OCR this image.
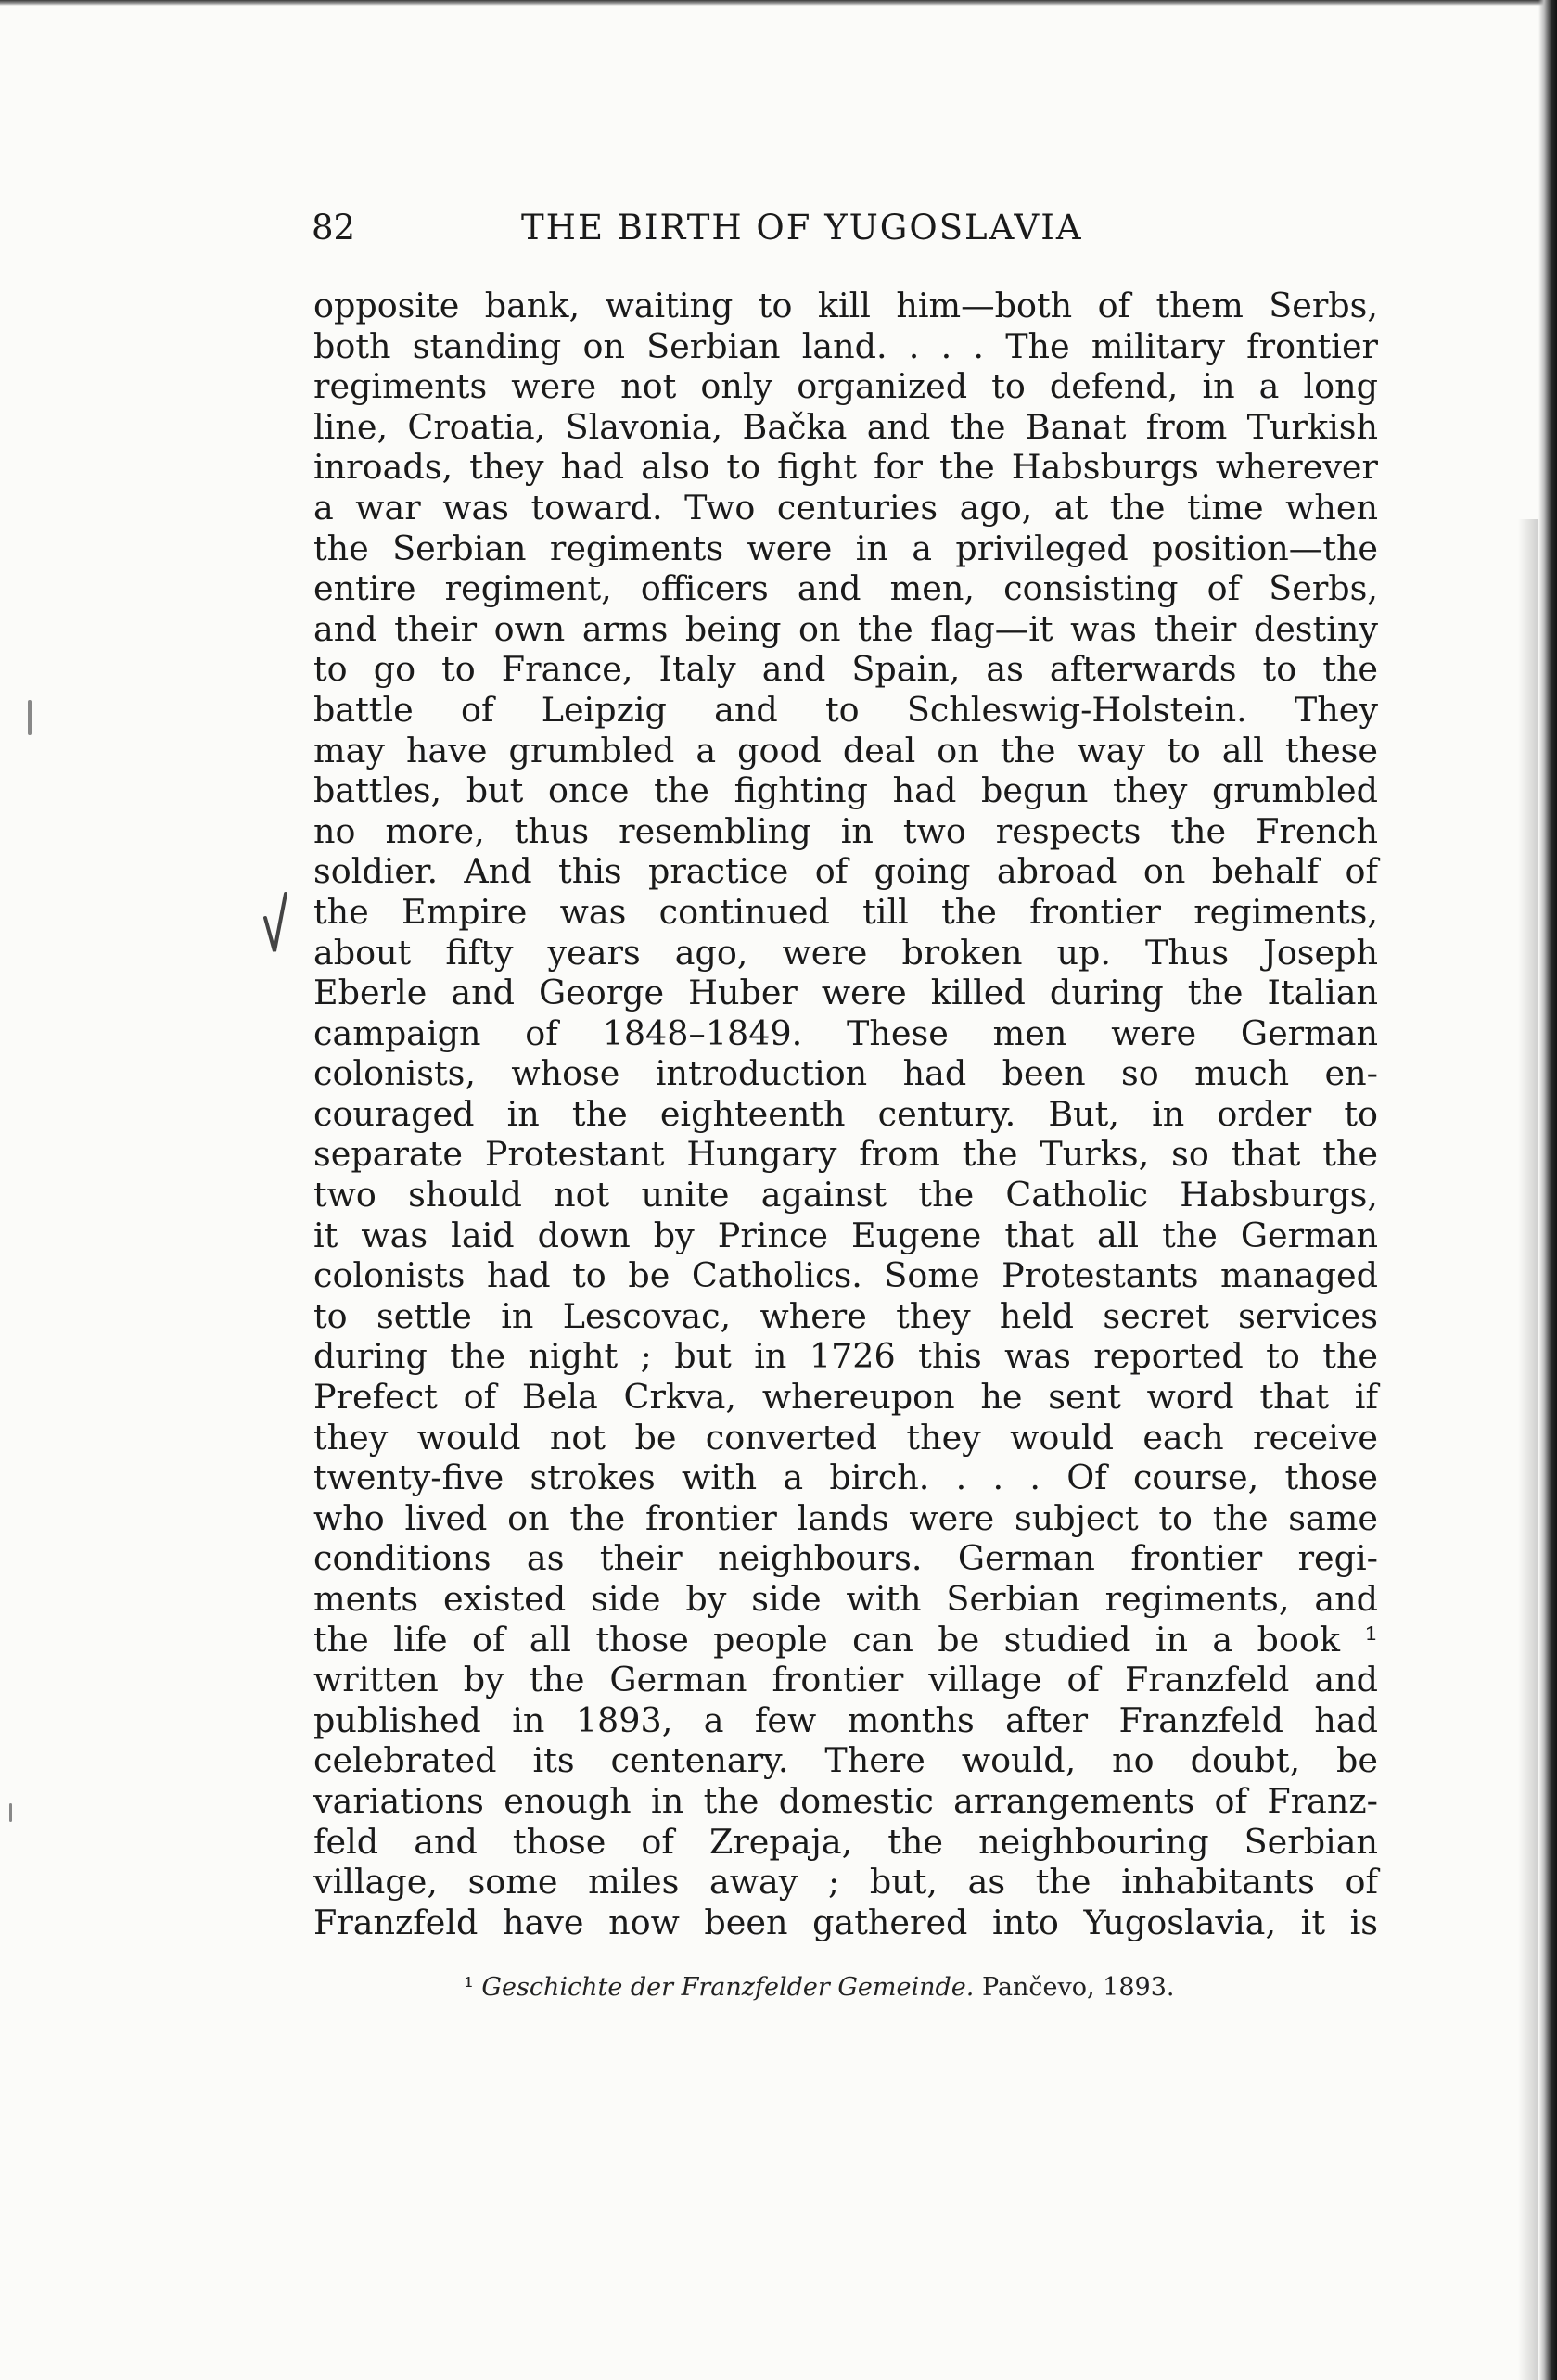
82	THE BIRTH OF YUGOSLAVIA
opposite bank, waiting to kill him—both of them Serbs,
both standing on Serbian land. . . . The military frontier
regiments were not only organized to defend, in a long
line, Croatia, Slavonia, Bačka and the Banat from Turkish
inroads, they had also to fight for the Habsburgs wherever
a war was toward. Two centuries ago, at the time when
the Serbian regiments were in a privileged position—the
entire regiment, officers and men, consisting of Serbs,
and their own arms being on the flag—it was their destiny
to go to France, Italy and Spain, as afterwards to the
battle of Leipzig and to Schleswig-Holstein. They
may have grumbled a good deal on the way to all these
battles, but once the fighting had begun they grumbled
no more, thus resembling in two respects the French
soldier. And this practice of going abroad on behalf of
the Empire was continued till the frontier regiments,
about fifty years ago, were broken up. Thus Joseph
Eberle and George Huber were killed during the Italian
campaign of 1848–1849. These men were German
colonists, whose introduction had been so much en-
couraged in the eighteenth century. But, in order to
separate Protestant Hungary from the Turks, so that the
two should not unite against the Catholic Habsburgs,
it was laid down by Prince Eugene that all the German
colonists had to be Catholics. Some Protestants managed
to settle in Lescovac, where they held secret services
during the night ; but in 1726 this was reported to the
Prefect of Bela Crkva, whereupon he sent word that if
they would not be converted they would each receive
twenty-five strokes with a birch. . . . Of course, those
who lived on the frontier lands were subject to the same
conditions as their neighbours. German frontier regi-
ments existed side by side with Serbian regiments, and
the life of all those people can be studied in a book ¹
written by the German frontier village of Franzfeld and
published in 1893, a few months after Franzfeld had
celebrated its centenary. There would, no doubt, be
variations enough in the domestic arrangements of Franz-
feld and those of Zrepaja, the neighbouring Serbian
village, some miles away ; but, as the inhabitants of
Franzfeld have now been gathered into Yugoslavia, it is
¹ Geschichte der Franzfelder Gemeinde. Pančevo, 1893.
